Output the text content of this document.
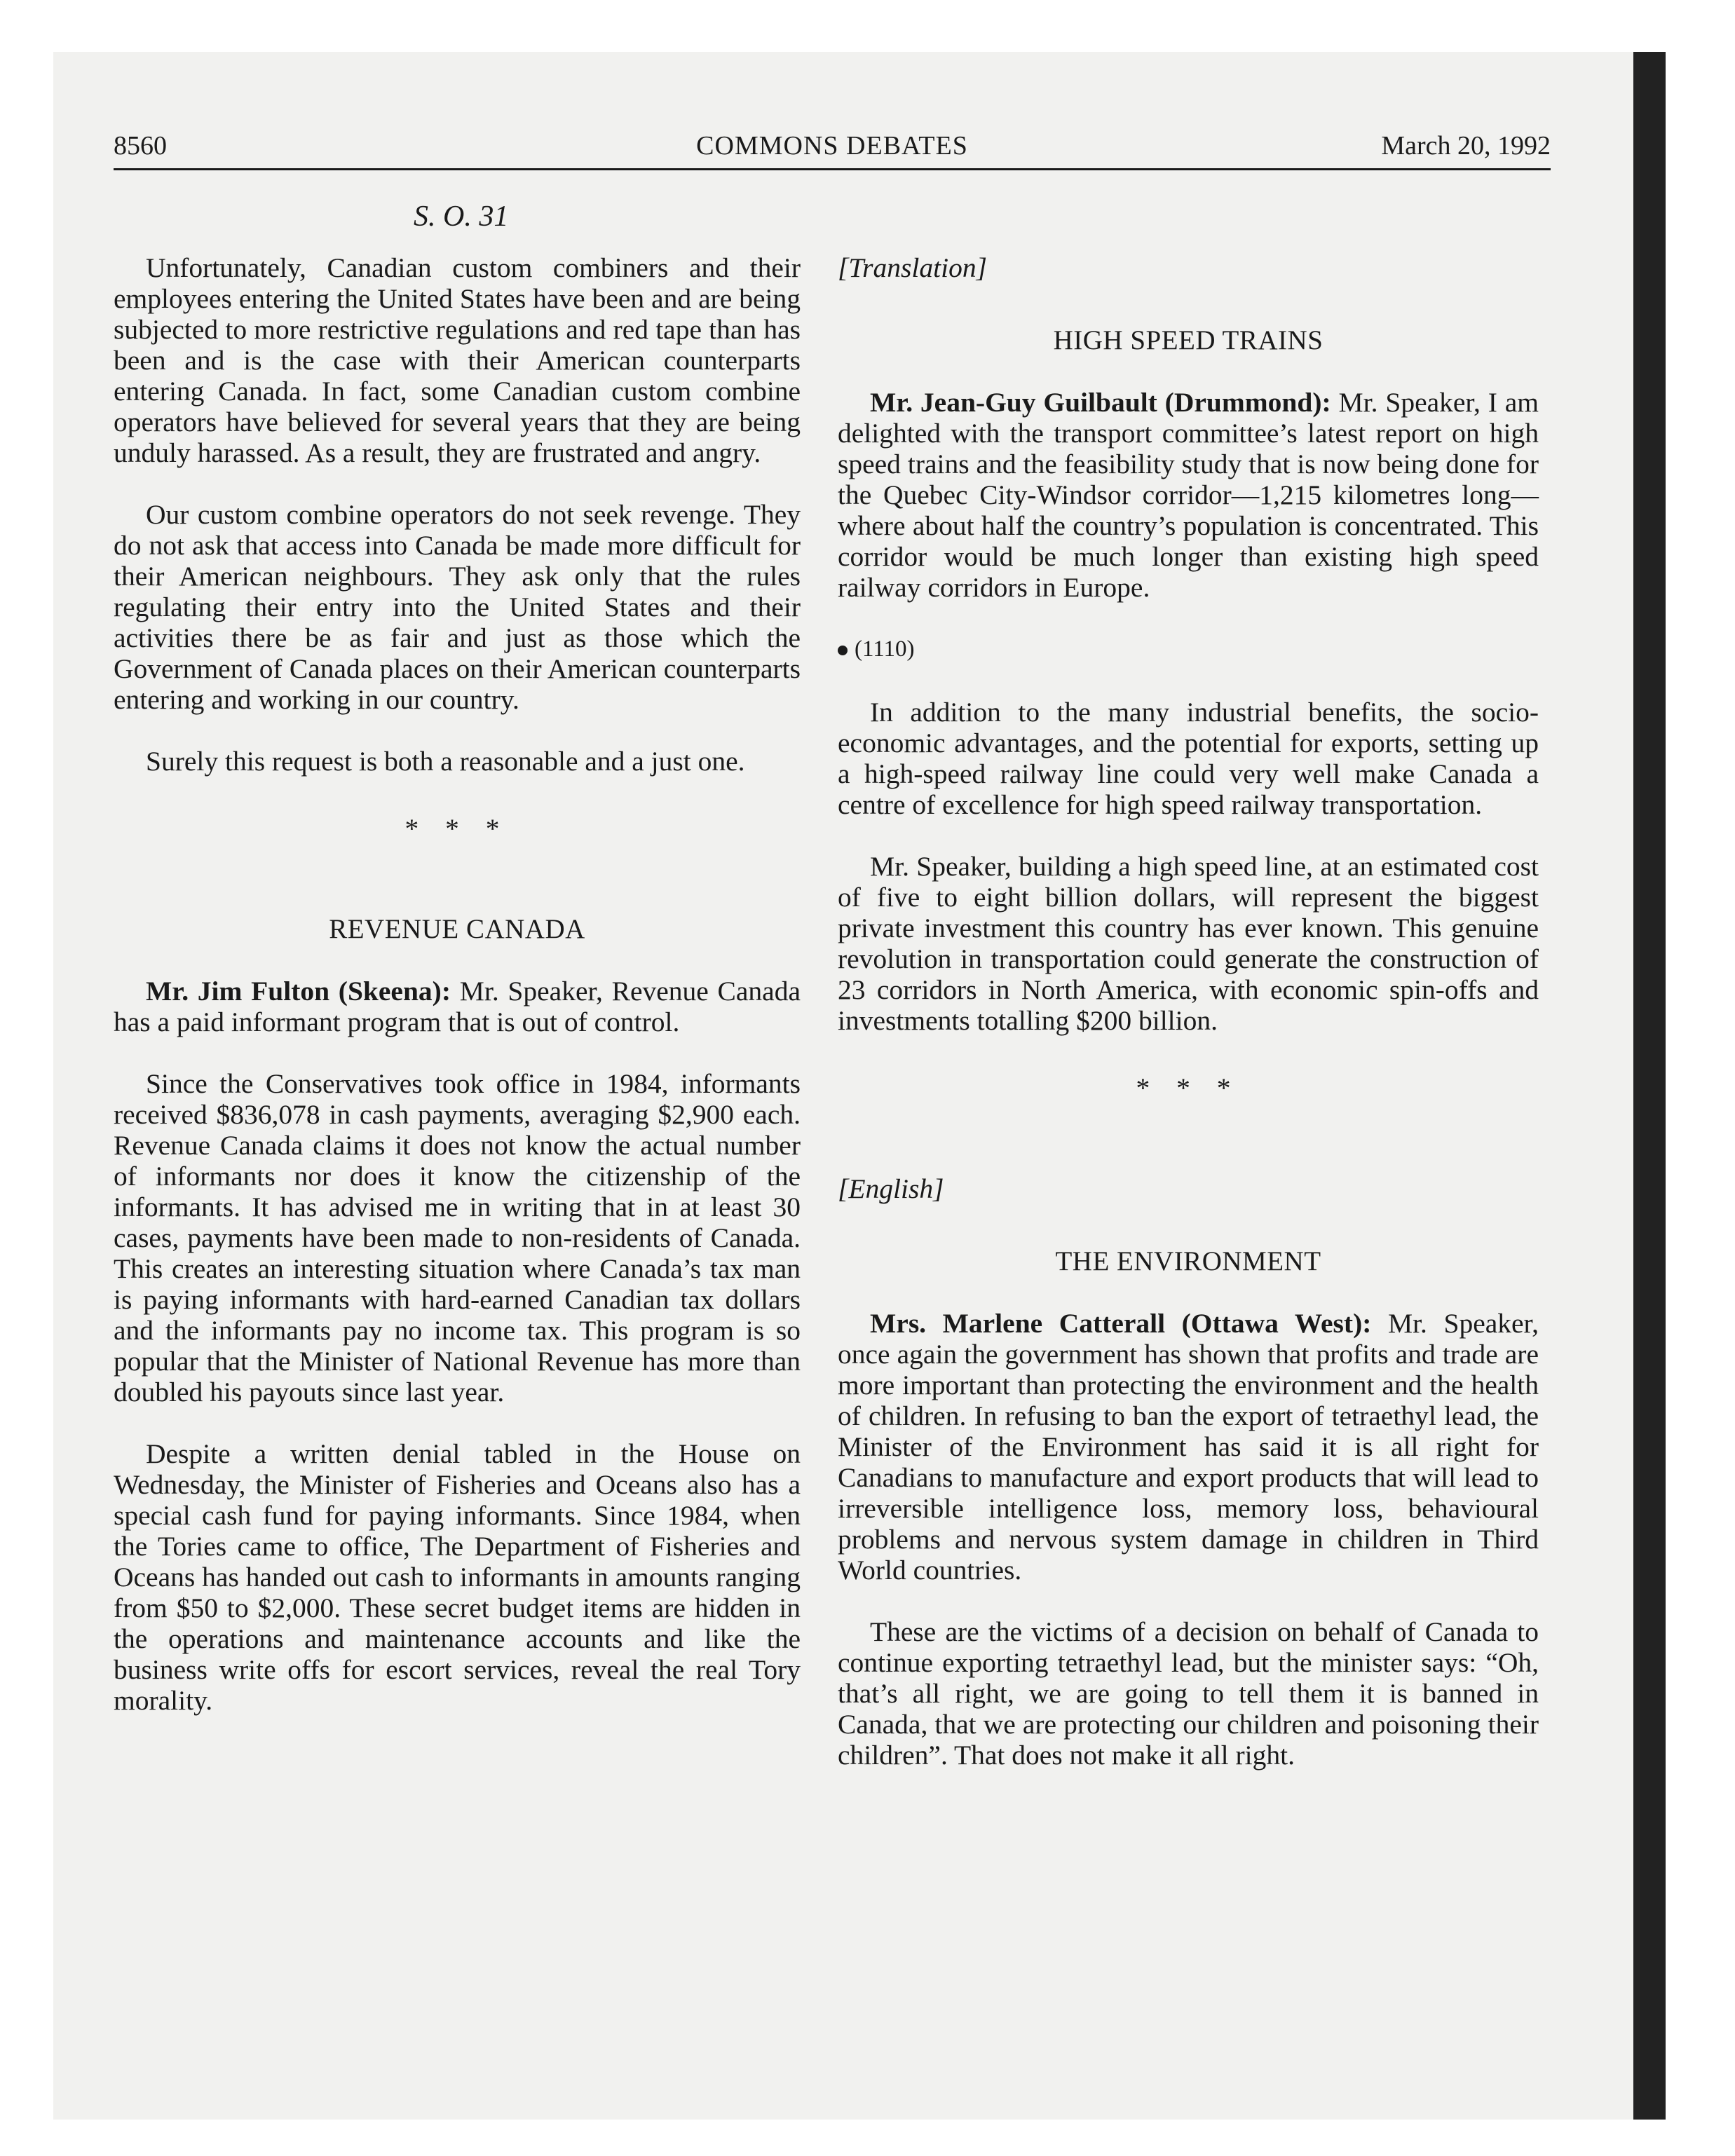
8560	COMMONS DEBATES	March 20, 1992
S. O. 31

Unfortunately, Canadian custom combiners and their employees entering the United States have been and are being subjected to more restrictive regulations and red tape than has been and is the case with their American counterparts entering Canada. In fact, some Canadian custom combine operators have believed for several years that they are being unduly harassed. As a result, they are frustrated and angry.

Our custom combine operators do not seek revenge. They do not ask that access into Canada be made more difficult for their American neighbours. They ask only that the rules regulating their entry into the United States and their activities there be as fair and just as those which the Government of Canada places on their American counterparts entering and working in our country.

Surely this request is both a reasonable and a just one.

* * *

REVENUE CANADA

Mr. Jim Fulton (Skeena): Mr. Speaker, Revenue Canada has a paid informant program that is out of control.

Since the Conservatives took office in 1984, informants received $836,078 in cash payments, averaging $2,900 each. Revenue Canada claims it does not know the actual number of informants nor does it know the citizenship of the informants. It has advised me in writing that in at least 30 cases, payments have been made to non-residents of Canada. This creates an interesting situation where Canada’s tax man is paying informants with hard-earned Canadian tax dollars and the informants pay no income tax. This program is so popular that the Minister of National Revenue has more than doubled his payouts since last year.

Despite a written denial tabled in the House on Wednesday, the Minister of Fisheries and Oceans also has a special cash fund for paying informants. Since 1984, when the Tories came to office, The Department of Fisheries and Oceans has handed out cash to informants in amounts ranging from $50 to $2,000. These secret budget items are hidden in the operations and maintenance accounts and like the business write offs for escort services, reveal the real Tory morality.

[Translation]

HIGH SPEED TRAINS

Mr. Jean-Guy Guilbault (Drummond): Mr. Speaker, I am delighted with the transport committee’s latest report on high speed trains and the feasibility study that is now being done for the Quebec City-Windsor corridor—1,215 kilometres long—where about half the country’s population is concentrated. This corridor would be much longer than existing high speed railway corridors in Europe.

(1110)

In addition to the many industrial benefits, the socio-economic advantages, and the potential for exports, setting up a high-speed railway line could very well make Canada a centre of excellence for high speed railway transportation.

Mr. Speaker, building a high speed line, at an estimated cost of five to eight billion dollars, will represent the biggest private investment this country has ever known. This genuine revolution in transportation could generate the construction of 23 corridors in North America, with economic spin-offs and investments totalling $200 billion.

* * *

[English]

THE ENVIRONMENT

Mrs. Marlene Catterall (Ottawa West): Mr. Speaker, once again the government has shown that profits and trade are more important than protecting the environment and the health of children. In refusing to ban the export of tetraethyl lead, the Minister of the Environment has said it is all right for Canadians to manufacture and export products that will lead to irreversible intelligence loss, memory loss, behavioural problems and nervous system damage in children in Third World countries.

These are the victims of a decision on behalf of Canada to continue exporting tetraethyl lead, but the minister says: “Oh, that’s all right, we are going to tell them it is banned in Canada, that we are protecting our children and poisoning their children”. That does not make it all right.
